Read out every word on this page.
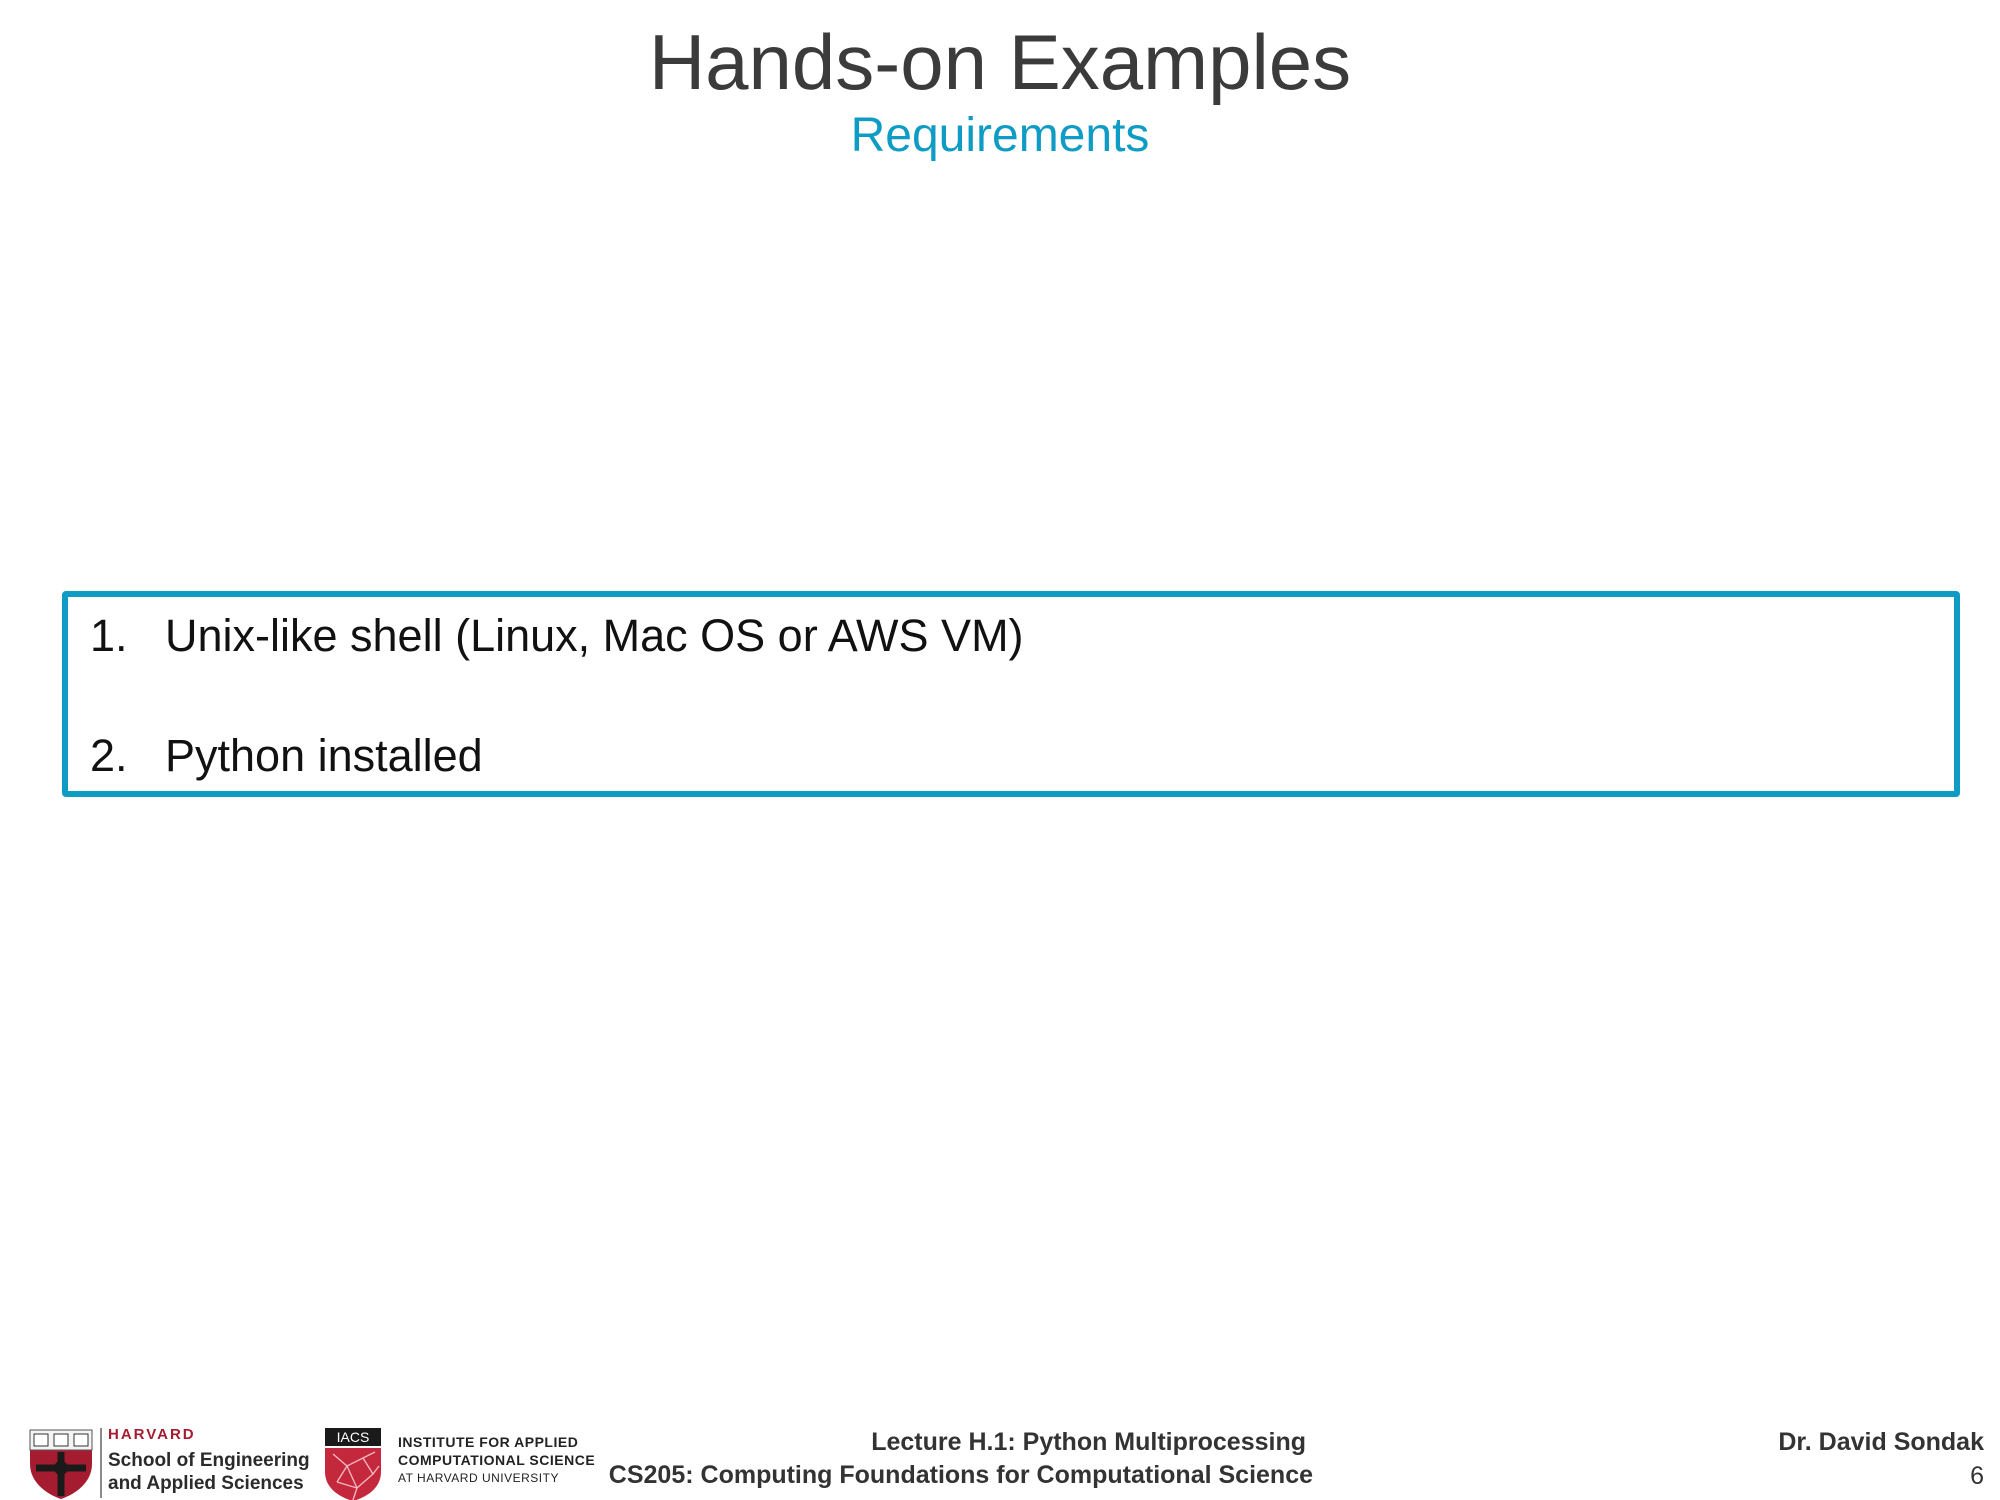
Hands-on Examples
Requirements
1. Unix-like shell (Linux, Mac OS or AWS VM)
2. Python installed
HARVARD
School of Engineering
and Applied Sciences
IACS INSTITUTE FOR APPLIED
COMPUTATIONAL SCIENCE
AT HARVARD UNIVERSITY
Lecture H.1: Python Multiprocessing
CS205: Computing Foundations for Computational Science
Dr. David Sondak
6
